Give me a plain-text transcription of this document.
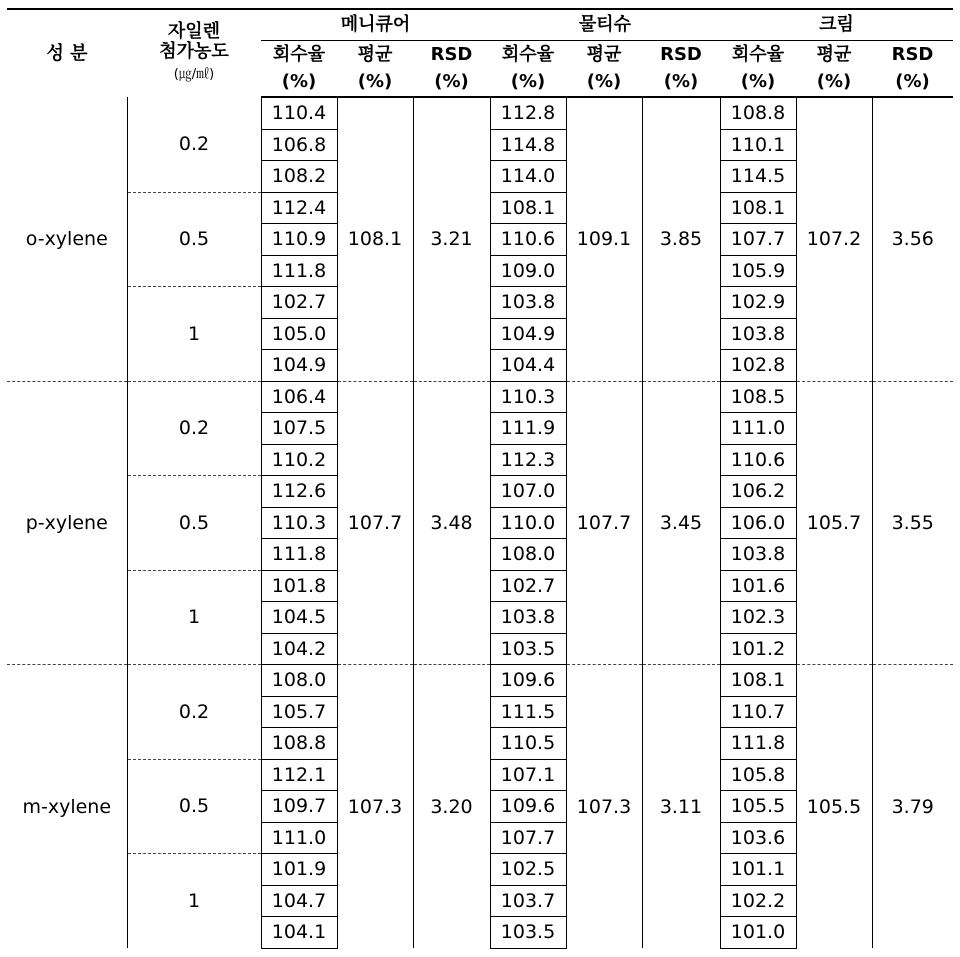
성 분	자일렌
첨가농도
(㎍/㎖)	메니큐어			물티슈			크림		
		회수율	평균	RSD	회수율	평균	RSD	회수율	평균	RSD
		(%)	(%)	(%)	(%)	(%)	(%)	(%)	(%)	(%)
o-xylene	0.2	110.4	108.1	3.21	112.8	109.1	3.85	108.8	107.2	3.56
		106.8			114.8			110.1		
		108.2			114.0			114.5		
	0.5	112.4			108.1			108.1		
		110.9			110.6			107.7		
		111.8			109.0			105.9		
	1	102.7			103.8			102.9		
		105.0			104.9			103.8		
		104.9			104.4			102.8		
p-xylene	0.2	106.4	107.7	3.48	110.3	107.7	3.45	108.5	105.7	3.55
		107.5			111.9			111.0		
		110.2			112.3			110.6		
	0.5	112.6			107.0			106.2		
		110.3			110.0			106.0		
		111.8			108.0			103.8		
	1	101.8			102.7			101.6		
		104.5			103.8			102.3		
		104.2			103.5			101.2		
m-xylene	0.2	108.0	107.3	3.20	109.6	107.3	3.11	108.1	105.5	3.79
		105.7			111.5			110.7		
		108.8			110.5			111.8		
	0.5	112.1			107.1			105.8		
		109.7			109.6			105.5		
		111.0			107.7			103.6		
	1	101.9			102.5			101.1		
		104.7			103.7			102.2		
		104.1			103.5			101.0		
